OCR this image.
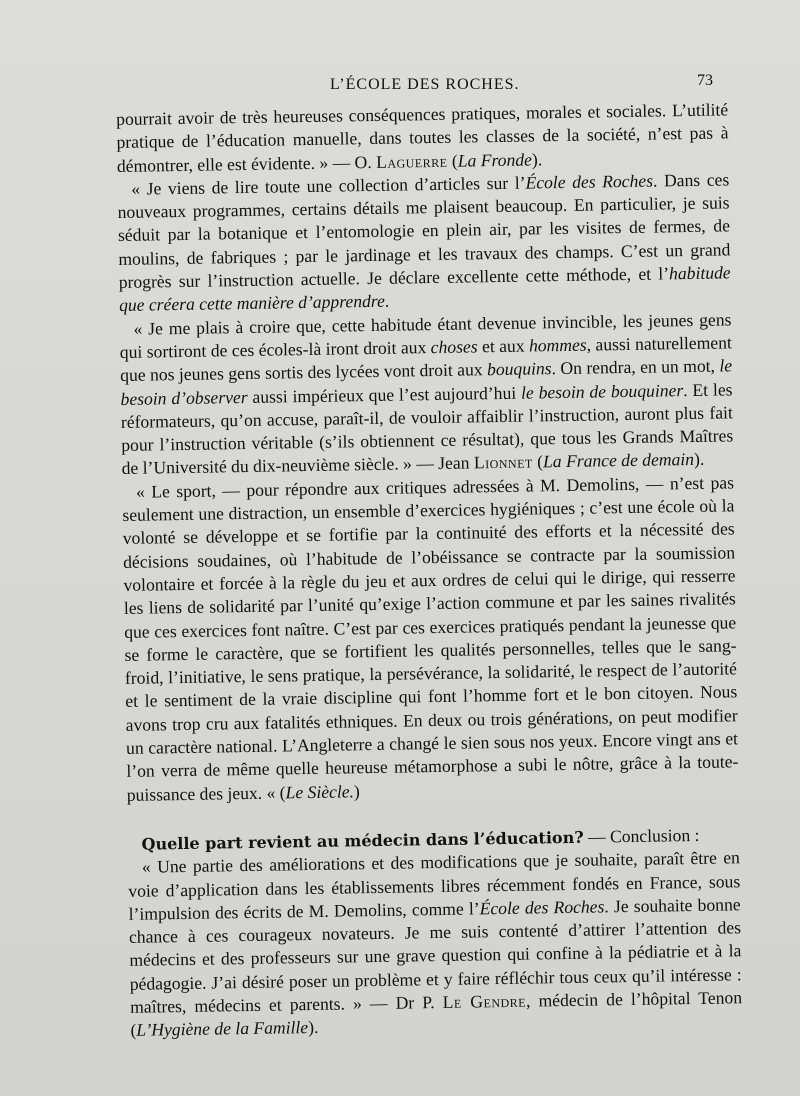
L’ÉCOLE DES ROCHES.	73

pourrait avoir de très heureuses conséquences pratiques, morales et sociales. L’utilité pratique de l’éducation manuelle, dans toutes les classes de la société, n’est pas à démontrer, elle est évidente. » — O. Laguerre (La Fronde).

« Je viens de lire toute une collection d’articles sur l’École des Roches. Dans ces nouveaux programmes, certains détails me plaisent beaucoup. En particulier, je suis séduit par la botanique et l’entomologie en plein air, par les visites de fermes, de moulins, de fabriques ; par le jardinage et les travaux des champs. C’est un grand progrès sur l’instruction actuelle. Je déclare excellente cette méthode, et l’habitude que créera cette manière d’apprendre.

« Je me plais à croire que, cette habitude étant devenue invincible, les jeunes gens qui sortiront de ces écoles-là iront droit aux choses et aux hommes, aussi naturellement que nos jeunes gens sortis des lycées vont droit aux bouquins. On rendra, en un mot, le besoin d’observer aussi impérieux que l’est aujourd’hui le besoin de bouquiner. Et les réformateurs, qu’on accuse, paraît-il, de vouloir affaiblir l’instruction, auront plus fait pour l’instruction véritable (s’ils obtiennent ce résultat), que tous les Grands Maîtres de l’Université du dix-neuvième siècle. » — Jean Lionnet (La France de demain).

« Le sport, — pour répondre aux critiques adressées à M. Demolins, — n’est pas seulement une distraction, un ensemble d’exercices hygiéniques ; c’est une école où la volonté se développe et se fortifie par la continuité des efforts et la nécessité des décisions soudaines, où l’habitude de l’obéissance se contracte par la soumission volontaire et forcée à la règle du jeu et aux ordres de celui qui le dirige, qui resserre les liens de solidarité par l’unité qu’exige l’action commune et par les saines rivalités que ces exercices font naître. C’est par ces exercices pratiqués pendant la jeunesse que se forme le caractère, que se fortifient les qualités personnelles, telles que le sang-froid, l’initiative, le sens pratique, la persévérance, la solidarité, le respect de l’autorité et le sentiment de la vraie discipline qui font l’homme fort et le bon citoyen. Nous avons trop cru aux fatalités ethniques. En deux ou trois générations, on peut modifier un caractère national. L’Angleterre a changé le sien sous nos yeux. Encore vingt ans et l’on verra de même quelle heureuse métamorphose a subi le nôtre, grâce à la toute-puissance des jeux. « (Le Siècle.)

Quelle part revient au médecin dans l’éducation? — Conclusion :

« Une partie des améliorations et des modifications que je souhaite, paraît être en voie d’application dans les établissements libres récemment fondés en France, sous l’impulsion des écrits de M. Demolins, comme l’École des Roches. Je souhaite bonne chance à ces courageux novateurs. Je me suis contenté d’attirer l’attention des médecins et des professeurs sur une grave question qui confine à la pédiatrie et à la pédagogie. J’ai désiré poser un problème et y faire réfléchir tous ceux qu’il intéresse : maîtres, médecins et parents. » — Dr P. Le Gendre, médecin de l’hôpital Tenon (L’Hygiène de la Famille).
